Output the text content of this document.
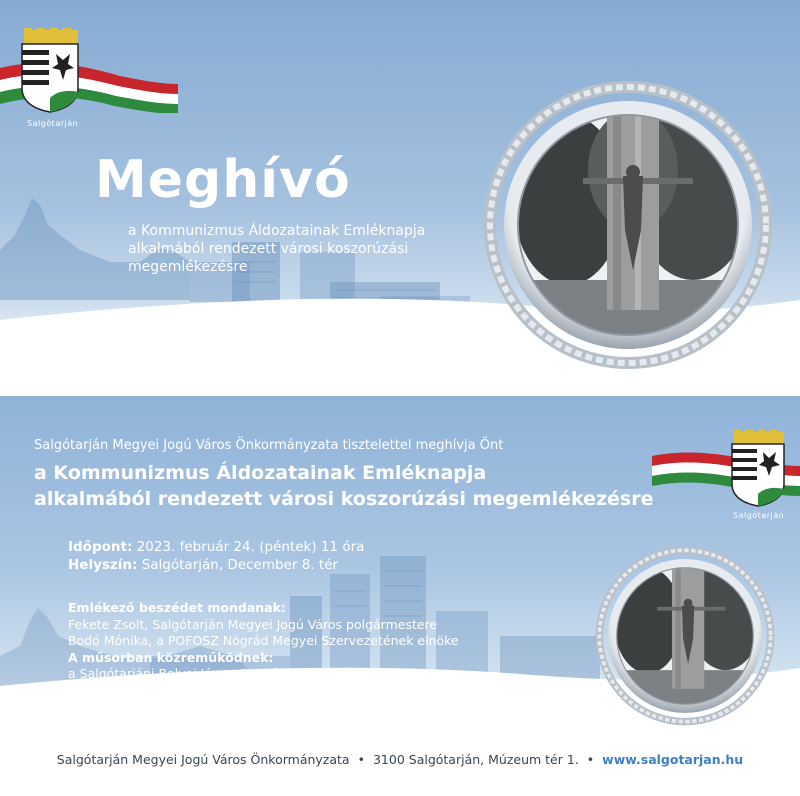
Salgótarján
Meghívó
a Kommunizmus Áldozatainak Emléknapja
alkalmából rendezett városi koszorúzási
megemlékezésre
Salgótarján
Salgótarján Megyei Jogú Város Önkormányzata tisztelettel meghívja Önt
a Kommunizmus Áldozatainak Emléknapja
alkalmából rendezett városi koszorúzási megemlékezésre
Időpont: 2023. február 24. (péntek) 11 óra
Helyszín: Salgótarján, December 8. tér
Emlékező beszédet mondanak:
Fekete Zsolt, Salgótarján Megyei Jogú Város polgármestere
Bodó Mónika, a POFOSZ Nógrád Megyei Szervezetének elnöke
A műsorban közreműködnek:
a Salgótarjáni Bolyai János Gimnázium tanulói
Salgótarján Megyei Jogú Város Önkormányzata • 3100 Salgótarján, Múzeum tér 1. • www.salgotarjan.hu
